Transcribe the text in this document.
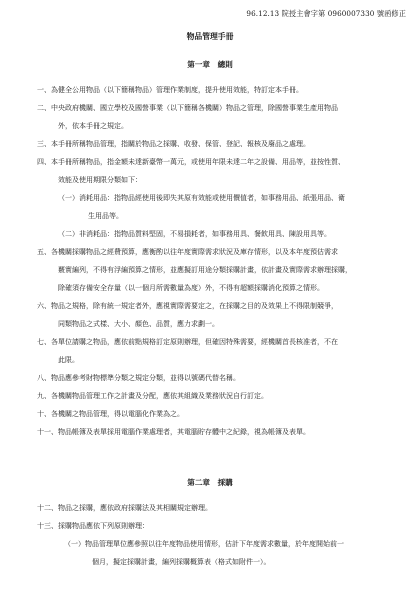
96.12.13 院授主會字第 0960007330 號函修正
物品管理手冊
第一章　總則
一、為健全公用物品（以下簡稱物品）管理作業制度，提升使用效能，特訂定本手冊。
二、中央政府機關、國立學校及國營事業（以下簡稱各機關）物品之管理，除國營事業生產用物品
外，依本手冊之規定。
三、本手冊所稱物品管理，指關於物品之採購、收發、保管、登記、報核及廢品之處理。
四、本手冊所稱物品，指金額未達新臺幣一萬元，或使用年限未達二年之設備、用品等，並按性質、
效能及使用期限分類如下：
（一）消耗用品：指物品經使用後即失其原有效能或使用價值者，如事務用品、紙張用品、衛
生用品等。
（二）非消耗品：指物品質料堅固，不易損耗者，如事務用具、餐飲用具、陳設用具等。
五、各機關採購物品之經費預算，應衡酌以往年度實際需求狀況及庫存情形，以及本年度預估需求
覈實編列，不得有浮編預算之情形，並應擬訂用途分類採購計畫，依計畫及實際需求辦理採購，
除確須存備安全存量（以一個月所需數量為度）外，不得有超額採購消化預算之情形。
六、物品之規格，除有統一規定者外，應視實際需要定之，在採購之目的及效果上不得限制競爭，
同類物品之式樣、大小、顏色、品質，應力求劃一。
七、各單位請購之物品，應依前點規格訂定原則辦理，但確因特殊需要，經機關首長核准者，不在
此限。
八、物品應參考財物標準分類之規定分類，並得以號碼代替名稱。
九、各機關物品管理工作之計畫及分配，應依其組織及業務狀況自行訂定。
十、各機關之物品管理，得以電腦化作業為之。
十一、物品帳簿及表單採用電腦作業處理者，其電腦貯存體中之紀錄，視為帳簿及表單。
第二章　採購
十二、物品之採購，應依政府採購法及其相關規定辦理。
十三、採購物品應依下列原則辦理：
（一）物品管理單位應參照以往年度物品使用情形，估計下年度需求數量，於年度開始前一
個月，擬定採購計畫，編列採購概算表（格式如附件一）。
